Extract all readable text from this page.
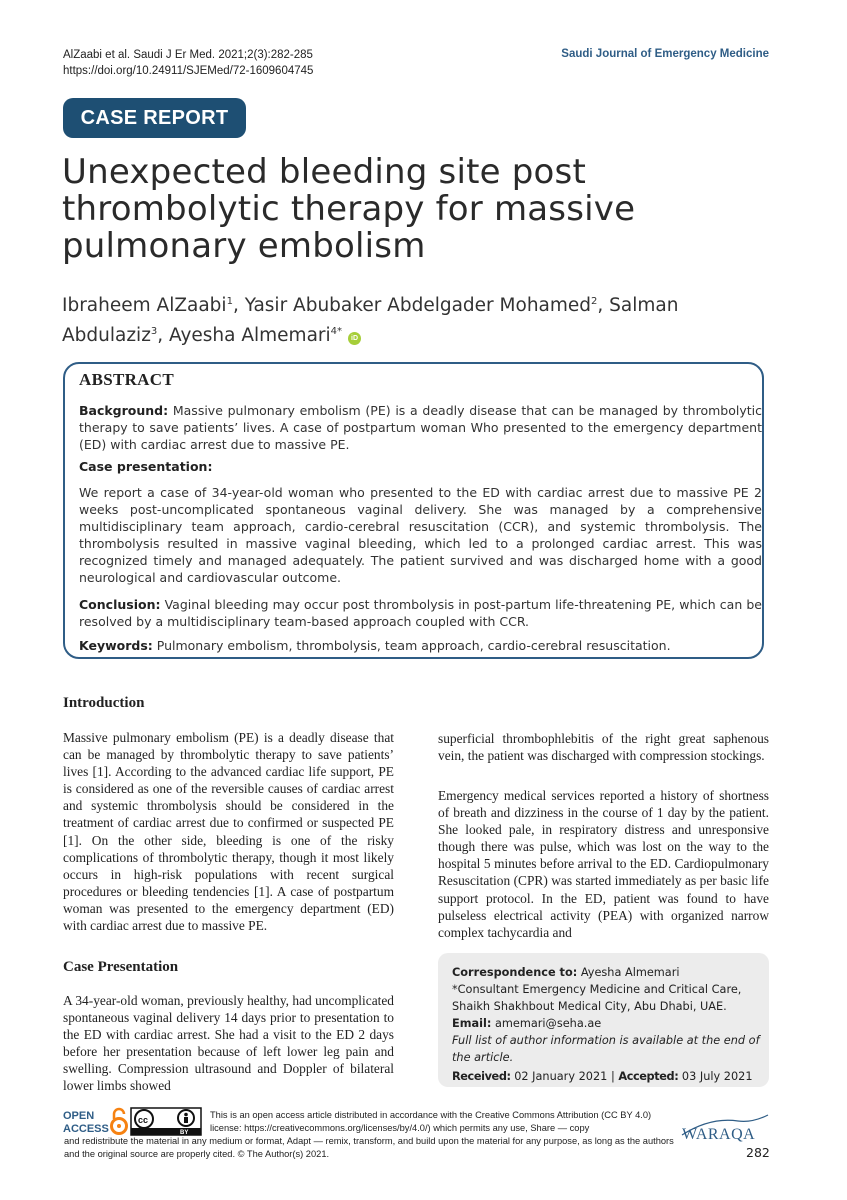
AlZaabi et al. Saudi J Er Med. 2021;2(3):282-285
https://doi.org/10.24911/SJEMed/72-1609604745
Saudi Journal of Emergency Medicine
CASE REPORT
Unexpected bleeding site post thrombolytic therapy for massive pulmonary embolism
Ibraheem AlZaabi$^1$, Yasir Abubaker Abdelgader Mohamed$^2$, Salman Abdulaziz$^3$, Ayesha Almemari$^{4*}$iD
ABSTRACT
Background: Massive pulmonary embolism (PE) is a deadly disease that can be managed by thrombolytic therapy to save patients’ lives. A case of postpartum woman Who presented to the emergency department (ED) with cardiac arrest due to massive PE.
Case presentation:
We report a case of 34-year-old woman who presented to the ED with cardiac arrest due to massive PE 2 weeks post-uncomplicated spontaneous vaginal delivery. She was managed by a comprehensive multidisciplinary team approach, cardio-cerebral resuscitation (CCR), and systemic thrombolysis. The thrombolysis resulted in massive vaginal bleeding, which led to a prolonged cardiac arrest. This was recognized timely and managed adequately. The patient survived and was discharged home with a good neurological and cardiovascular outcome.
Conclusion: Vaginal bleeding may occur post thrombolysis in post-partum life-threatening PE, which can be resolved by a multidisciplinary team-based approach coupled with CCR.
Keywords: Pulmonary embolism, thrombolysis, team approach, cardio-cerebral resuscitation.
Introduction
Massive pulmonary embolism (PE) is a deadly disease that can be managed by thrombolytic therapy to save patients’ lives [1]. According to the advanced cardiac life support, PE is considered as one of the reversible causes of cardiac arrest and systemic thrombolysis should be considered in the treatment of cardiac arrest due to confirmed or suspected PE [1]. On the other side, bleeding is one of the risky complications of thrombolytic therapy, though it most likely occurs in high-risk populations with recent surgical procedures or bleeding tendencies [1]. A case of postpartum woman was presented to the emergency department (ED) with cardiac arrest due to massive PE.
Case Presentation
A 34-year-old woman, previously healthy, had uncomplicated spontaneous vaginal delivery 14 days prior to presentation to the ED with cardiac arrest. She had a visit to the ED 2 days before her presentation because of left lower leg pain and swelling. Compression ultrasound and Doppler of bilateral lower limbs showed
superficial thrombophlebitis of the right great saphenous vein, the patient was discharged with compression stockings.
Emergency medical services reported a history of shortness of breath and dizziness in the course of 1 day by the patient. She looked pale, in respiratory distress and unresponsive though there was pulse, which was lost on the way to the hospital 5 minutes before arrival to the ED. Cardiopulmonary Resuscitation (CPR) was started immediately as per basic life support protocol. In the ED, patient was found to have pulseless electrical activity (PEA) with organized narrow complex tachycardia and
Correspondence to: Ayesha Almemari
*Consultant Emergency Medicine and Critical Care,
Shaikh Shakhbout Medical City, Abu Dhabi, UAE.
Email: amemari@seha.ae
Full list of author information is available at the end of the article.
Received: 02 January 2021 | Accepted: 03 July 2021
OPEN
ACCESS
cc
BY
This is an open access article distributed in accordance with the Creative Commons Attribution (CC BY 4.0) license: https://creativecommons.org/licenses/by/4.0/) which permits any use, Share — copy
and redistribute the material in any medium or format, Adapt — remix, transform, and build upon the material for any purpose, as long as the authors and the original source are properly cited. © The Author(s) 2021.
WARAQA
282
